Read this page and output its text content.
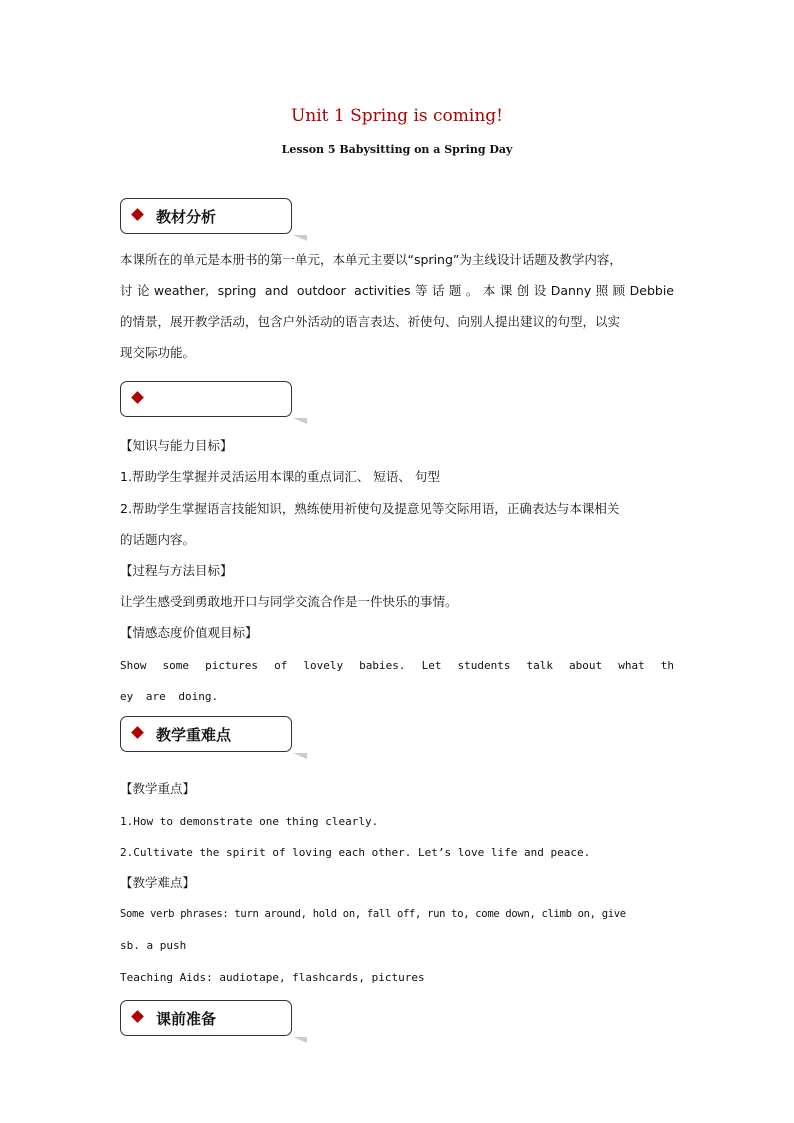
Unit 1 Spring is coming!
Lesson 5 Babysitting on a Spring Day
教材分析
本课所在的单元是本册书的第一单元，本单元主要以“spring”为主线设计话题及教学内容，
讨论weather, spring and outdoor activities等话题。本课创设Danny照顾Debbie
的情景，展开教学活动，包含户外活动的语言表达、祈使句、向别人提出建议的句型，以实
现交际功能。
【知识与能力目标】
1.帮助学生掌握并灵活运用本课的重点词汇、 短语、 句型
2.帮助学生掌握语言技能知识，熟练使用祈使句及提意见等交际用语，正确表达与本课相关
的话题内容。
【过程与方法目标】
让学生感受到勇敢地开口与同学交流合作是一件快乐的事情。
【情感态度价值观目标】
Show some pictures of lovely babies. Let students talk about what th
ey are doing.
教学重难点
【教学重点】
1.How to demonstrate one thing clearly.
2.Cultivate the spirit of loving each other. Let’s love life and peace.
【教学难点】
Some verb phrases: turn around, hold on, fall off, run to, come down, climb on, give
sb. a push
Teaching Aids: audiotape, flashcards, pictures
课前准备
